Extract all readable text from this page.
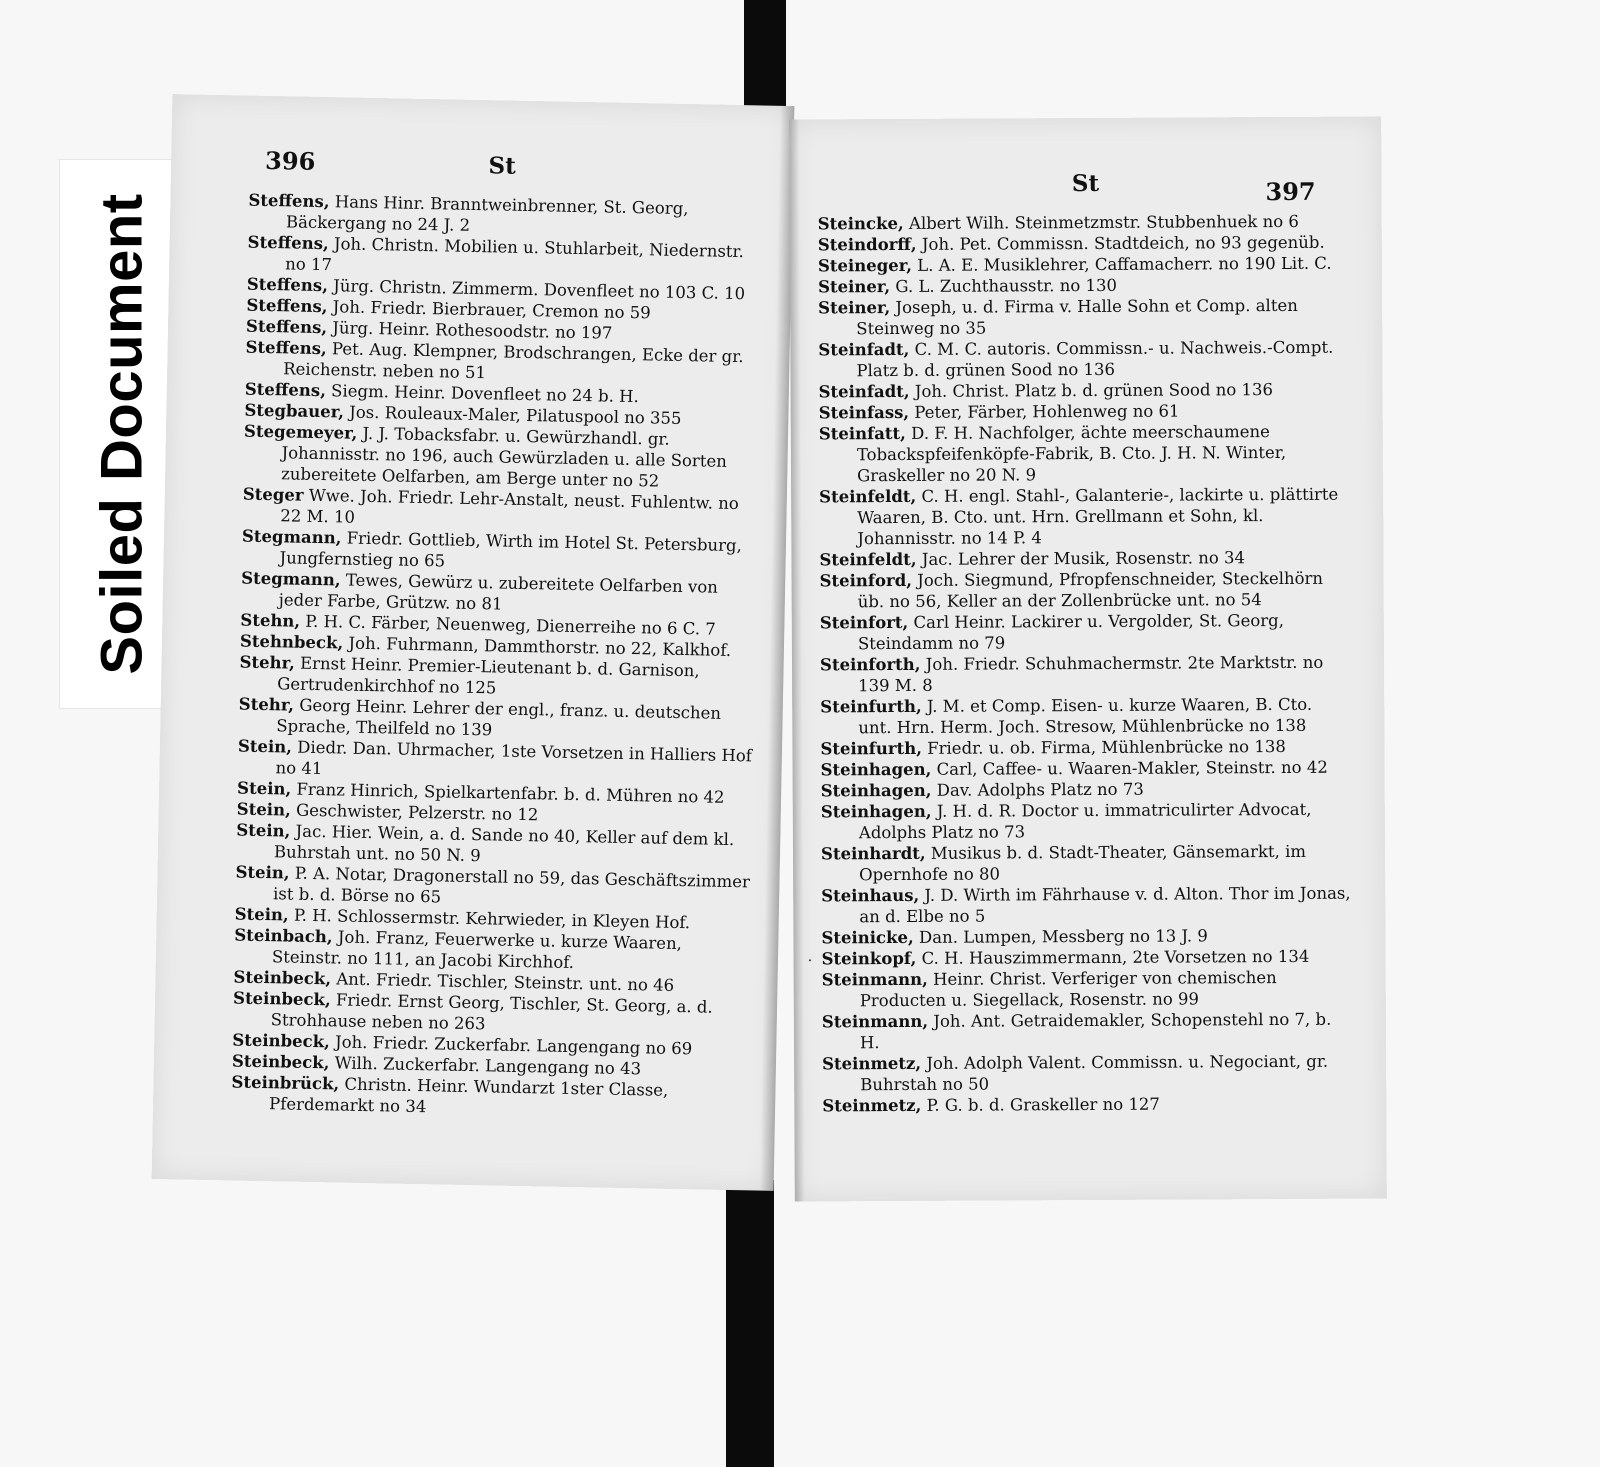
Soiled Document
396	St
Steffens, Hans Hinr. Branntweinbrenner, St. Georg, Bäckergang no 24 J. 2
Steffens, Joh. Christn. Mobilien u. Stuhlarbeit, Niedernstr. no 17
Steffens, Jürg. Christn. Zimmerm. Dovenfleet no 103 C. 10
Steffens, Joh. Friedr. Bierbrauer, Cremon no 59
Steffens, Jürg. Heinr. Rothesoodstr. no 197
Steffens, Pet. Aug. Klempner, Brodschrangen, Ecke der gr. Reichenstr. neben no 51
Steffens, Siegm. Heinr. Dovenfleet no 24 b. H.
Stegbauer, Jos. Rouleaux-Maler, Pilatuspool no 355
Stegemeyer, J. J. Tobacksfabr. u. Gewürzhandl. gr. Johannisstr. no 196, auch Gewürzladen u. alle Sorten zubereitete Oelfarben, am Berge unter no 52
Steger Wwe. Joh. Friedr. Lehr-Anstalt, neust. Fuhlentw. no 22 M. 10
Stegmann, Friedr. Gottlieb, Wirth im Hotel St. Petersburg, Jungfernstieg no 65
Stegmann, Tewes, Gewürz u. zubereitete Oelfarben von jeder Farbe, Grützw. no 81
Stehn, P. H. C. Färber, Neuenweg, Dienerreihe no 6 C. 7
Stehnbeck, Joh. Fuhrmann, Dammthorstr. no 22, Kalkhof.
Stehr, Ernst Heinr. Premier-Lieutenant b. d. Garnison, Gertrudenkirchhof no 125
Stehr, Georg Heinr. Lehrer der engl., franz. u. deutschen Sprache, Theilfeld no 139
Stein, Diedr. Dan. Uhrmacher, 1ste Vorsetzen in Halliers Hof no 41
Stein, Franz Hinrich, Spielkartenfabr. b. d. Mühren no 42
Stein, Geschwister, Pelzerstr. no 12
Stein, Jac. Hier. Wein, a. d. Sande no 40, Keller auf dem kl. Buhrstah unt. no 50 N. 9
Stein, P. A. Notar, Dragonerstall no 59, das Geschäftszimmer ist b. d. Börse no 65
Stein, P. H. Schlossermstr. Kehrwieder, in Kleyen Hof.
Steinbach, Joh. Franz, Feuerwerke u. kurze Waaren, Steinstr. no 111, an Jacobi Kirchhof.
Steinbeck, Ant. Friedr. Tischler, Steinstr. unt. no 46
Steinbeck, Friedr. Ernst Georg, Tischler, St. Georg, a. d. Strohhause neben no 263
Steinbeck, Joh. Friedr. Zuckerfabr. Langengang no 69
Steinbeck, Wilh. Zuckerfabr. Langengang no 43
Steinbrück, Christn. Heinr. Wundarzt 1ster Classe, Pferdemarkt no 34
St	397
Steincke, Albert Wilh. Steinmetzmstr. Stubbenhuek no 6
Steindorff, Joh. Pet. Commissn. Stadtdeich, no 93 gegenüb.
Steineger, L. A. E. Musiklehrer, Caffamacherr. no 190 Lit. C.
Steiner, G. L. Zuchthausstr. no 130
Steiner, Joseph, u. d. Firma v. Halle Sohn et Comp. alten Steinweg no 35
Steinfadt, C. M. C. autoris. Commissn.- u. Nachweis.-Compt. Platz b. d. grünen Sood no 136
Steinfadt, Joh. Christ. Platz b. d. grünen Sood no 136
Steinfass, Peter, Färber, Hohlenweg no 61
Steinfatt, D. F. H. Nachfolger, ächte meerschaumene Tobackspfeifenköpfe-Fabrik, B. Cto. J. H. N. Winter, Graskeller no 20 N. 9
Steinfeldt, C. H. engl. Stahl-, Galanterie-, lackirte u. plättirte Waaren, B. Cto. unt. Hrn. Grellmann et Sohn, kl. Johannisstr. no 14 P. 4
Steinfeldt, Jac. Lehrer der Musik, Rosenstr. no 34
Steinford, Joch. Siegmund, Pfropfenschneider, Steckelhörn üb. no 56, Keller an der Zollenbrücke unt. no 54
Steinfort, Carl Heinr. Lackirer u. Vergolder, St. Georg, Steindamm no 79
Steinforth, Joh. Friedr. Schuhmachermstr. 2te Marktstr. no 139 M. 8
Steinfurth, J. M. et Comp. Eisen- u. kurze Waaren, B. Cto. unt. Hrn. Herm. Joch. Stresow, Mühlenbrücke no 138
Steinfurth, Friedr. u. ob. Firma, Mühlenbrücke no 138
Steinhagen, Carl, Caffee- u. Waaren-Makler, Steinstr. no 42
Steinhagen, Dav. Adolphs Platz no 73
Steinhagen, J. H. d. R. Doctor u. immatriculirter Advocat, Adolphs Platz no 73
Steinhardt, Musikus b. d. Stadt-Theater, Gänsemarkt, im Opernhofe no 80
Steinhaus, J. D. Wirth im Fährhause v. d. Alton. Thor im Jonas, an d. Elbe no 5
Steinicke, Dan. Lumpen, Messberg no 13 J. 9
Steinkopf, C. H. Hauszimmermann, 2te Vorsetzen no 134
Steinmann, Heinr. Christ. Verferiger von chemischen Producten u. Siegellack, Rosenstr. no 99
Steinmann, Joh. Ant. Getraidemakler, Schopenstehl no 7, b. H.
Steinmetz, Joh. Adolph Valent. Commissn. u. Negociant, gr. Buhrstah no 50
Steinmetz, P. G. b. d. Graskeller no 127
·
